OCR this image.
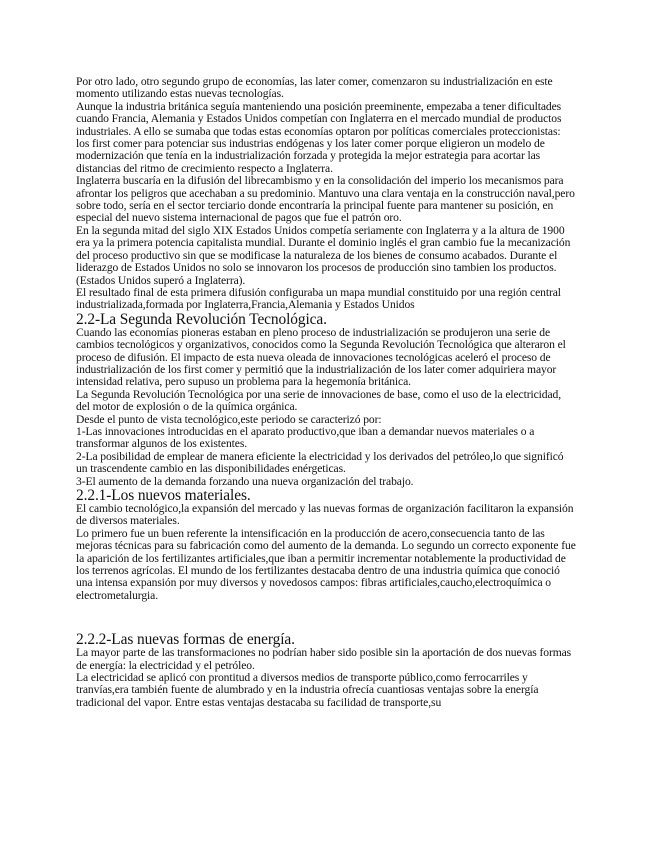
Por otro lado, otro segundo grupo de economías, las later comer, comenzaron su industrialización en este momento utilizando estas nuevas tecnologías.

Aunque la industria británica seguía manteniendo una posición preeminente, empezaba a tener dificultades cuando Francia, Alemania y Estados Unidos competían con Inglaterra en el mercado mundial de productos industriales. A ello se sumaba que todas estas economías optaron por políticas comerciales proteccionistas: los first comer para potenciar sus industrias endógenas y los later comer porque eligieron un modelo de modernización que tenía en la industrialización forzada y protegida la mejor estrategia para acortar las distancias del ritmo de crecimiento respecto a Inglaterra.

Inglaterra buscaría en la difusión del librecambismo y en la consolidación del imperio los mecanismos para afrontar los peligros que acechaban a su predominio. Mantuvo una clara ventaja en la construcción naval,pero sobre todo, sería en el sector terciario donde encontraría la principal fuente para mantener su posición, en especial del nuevo sistema internacional de pagos que fue el patrón oro.

En la segunda mitad del siglo XIX Estados Unidos competía seriamente con Inglaterra y a la altura de 1900 era ya la primera potencia capitalista mundial. Durante el dominio inglés el gran cambio fue la mecanización del proceso productivo sin que se modificase la naturaleza de los bienes de consumo acabados. Durante el liderazgo de Estados Unidos no solo se innovaron los procesos de producción sino tambien los productos. (Estados Unidos superó a Inglaterra).

El resultado final de esta primera difusión configuraba un mapa mundial constituido por una región central industrializada,formada por Inglaterra,Francia,Alemania y Estados Unidos

2.2-La Segunda Revolución Tecnológica.

Cuando las economías pioneras estaban en pleno proceso de industrialización se produjeron una serie de cambios tecnológicos y organizativos, conocidos como la Segunda Revolución Tecnológica que alteraron el proceso de difusión. El impacto de esta nueva oleada de innovaciones tecnológicas aceleró el proceso de industrialización de los first comer y permitió que la industrialización de los later comer adquiriera mayor intensidad relativa, pero supuso un problema para la hegemonía británica.

La Segunda Revolución Tecnológica por una serie de innovaciones de base, como el uso de la electricidad, del motor de explosión o de la química orgánica.

Desde el punto de vista tecnológico,este periodo se caracterizó por:

1-Las innovaciones introducidas en el aparato productivo,que iban a demandar nuevos materiales o a transformar algunos de los existentes.

2-La posibilidad de emplear de manera eficiente la electricidad y los derivados del petróleo,lo que significó un trascendente cambio en las disponibilidades enérgeticas.

3-El aumento de la demanda forzando una nueva organización del trabajo.

2.2.1-Los nuevos materiales.

El cambio tecnológico,la expansión del mercado y las nuevas formas de organización facilitaron la expansión de diversos materiales.

Lo primero fue un buen referente la intensificación en la producción de acero,consecuencia tanto de las mejoras técnicas para su fabricación como del aumento de la demanda. Lo segundo un correcto exponente fue la aparición de los fertilizantes artificiales,que iban a permitir incrementar notablemente la productividad de los terrenos agrícolas. El mundo de los fertilizantes destacaba dentro de una industria química que conoció una intensa expansión por muy diversos y novedosos campos: fibras artificiales,caucho,electroquímica o electrometalurgia.

2.2.2-Las nuevas formas de energía.

La mayor parte de las transformaciones no podrían haber sido posible sin la aportación de dos nuevas formas de energía: la electricidad y el petróleo.

La electricidad se aplicó con prontitud a diversos medios de transporte público,como ferrocarriles y tranvías,era también fuente de alumbrado y en la industria ofrecía cuantiosas ventajas sobre la energía tradicional del vapor. Entre estas ventajas destacaba su facilidad de transporte,su
